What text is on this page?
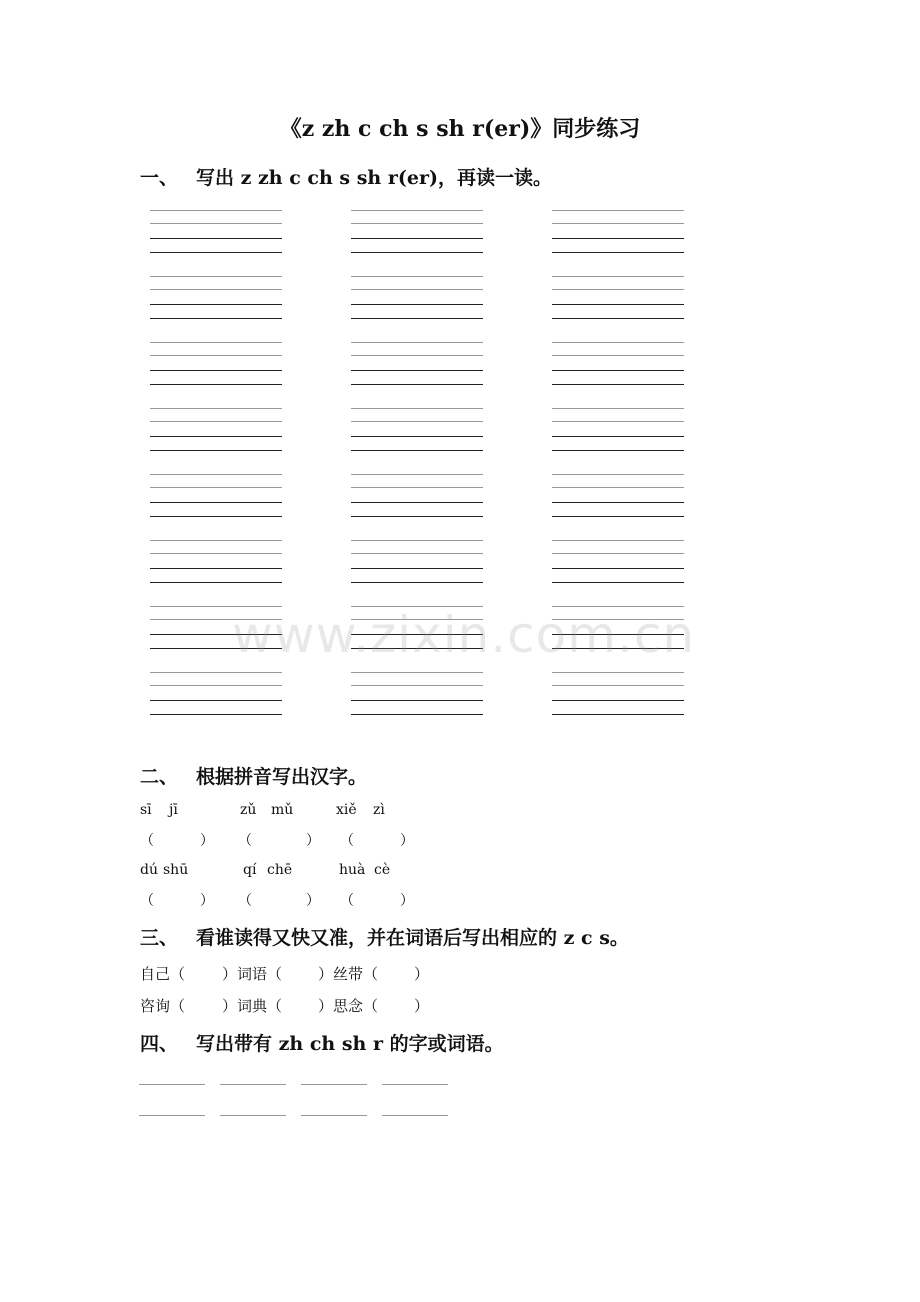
《z zh c ch s sh r(er)》同步练习
一、 写出 z zh c ch s sh r(er)，再读一读。
二、 根据拼音写出汉字。
sī jī	zǔ mǔ	xiě zì
（	） （	） （	）
dú shū	qí chē	huà cè
（	） （	） （	）
三、 看谁读得又快又准，并在词语后写出相应的 z c s。
自己（ ）词语（ ）丝带（ ）
咨询（ ）词典（ ）思念（ ）
四、 写出带有 zh ch sh r 的字或词语。
www.zixin.com.cn
